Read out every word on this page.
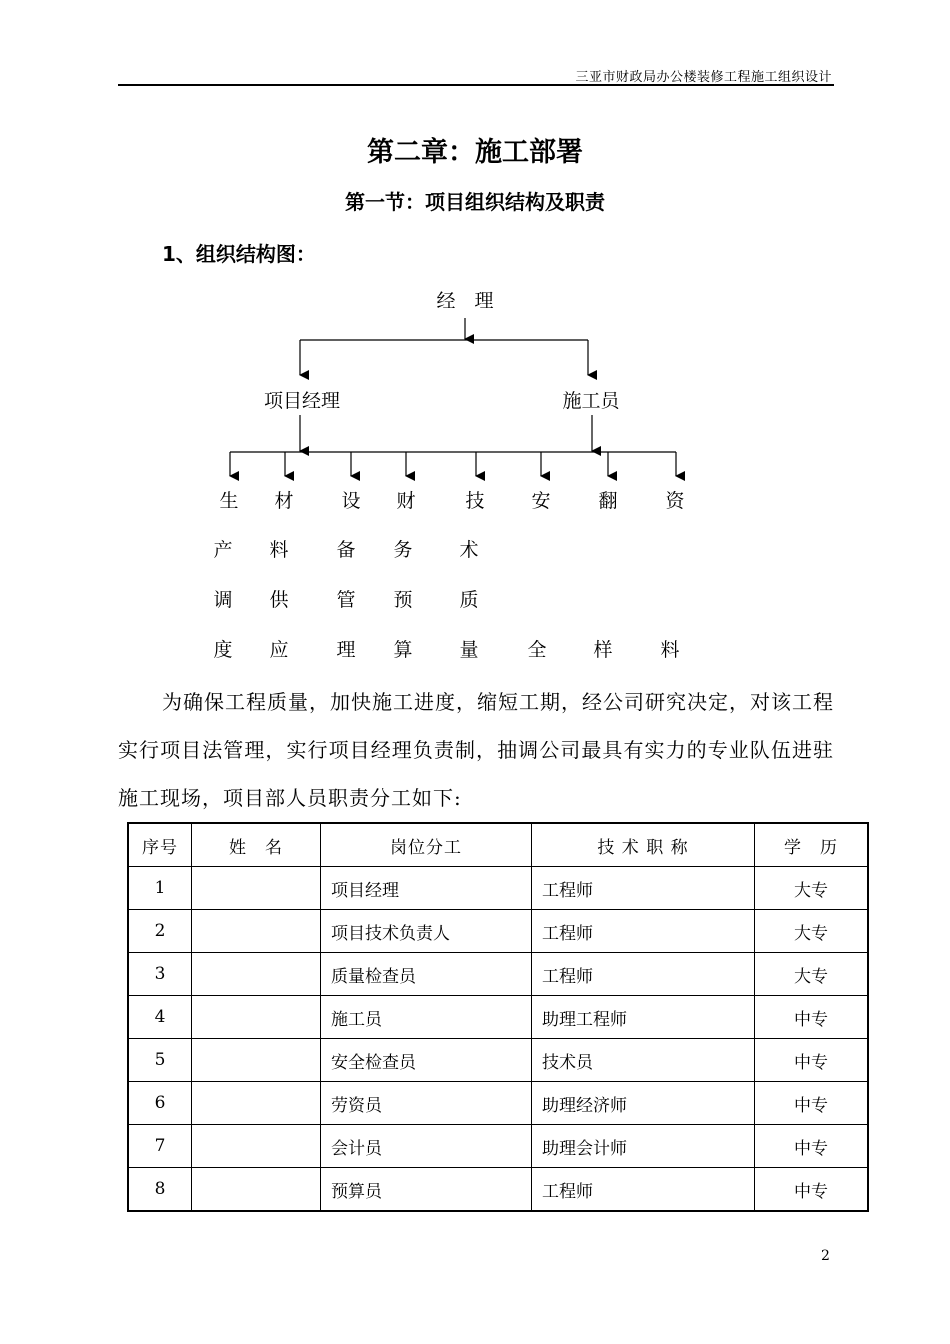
三亚市财政局办公楼装修工程施工组织设计
第二章：施工部署
第一节：项目组织结构及职责
1、组织结构图：
经　理
项目经理	施工员
生
产
调
度
材
料
供
应
设
备
管
理
财
务
预
算
技
术
质
量
安
全
翻
样
资
料
为确保工程质量，加快施工进度，缩短工期，经公司研究决定，对该工程实行项目法管理，实行项目经理负责制，抽调公司最具有实力的专业队伍进驻施工现场，项目部人员职责分工如下:
序号	姓　名	岗位分工	技 术 职 称	学　历
1		项目经理	工程师	大专
2		项目技术负责人	工程师	大专
3		质量检查员	工程师	大专
4		施工员	助理工程师	中专
5		安全检查员	技术员	中专
6		劳资员	助理经济师	中专
7		会计员	助理会计师	中专
8		预算员	工程师	中专
2
